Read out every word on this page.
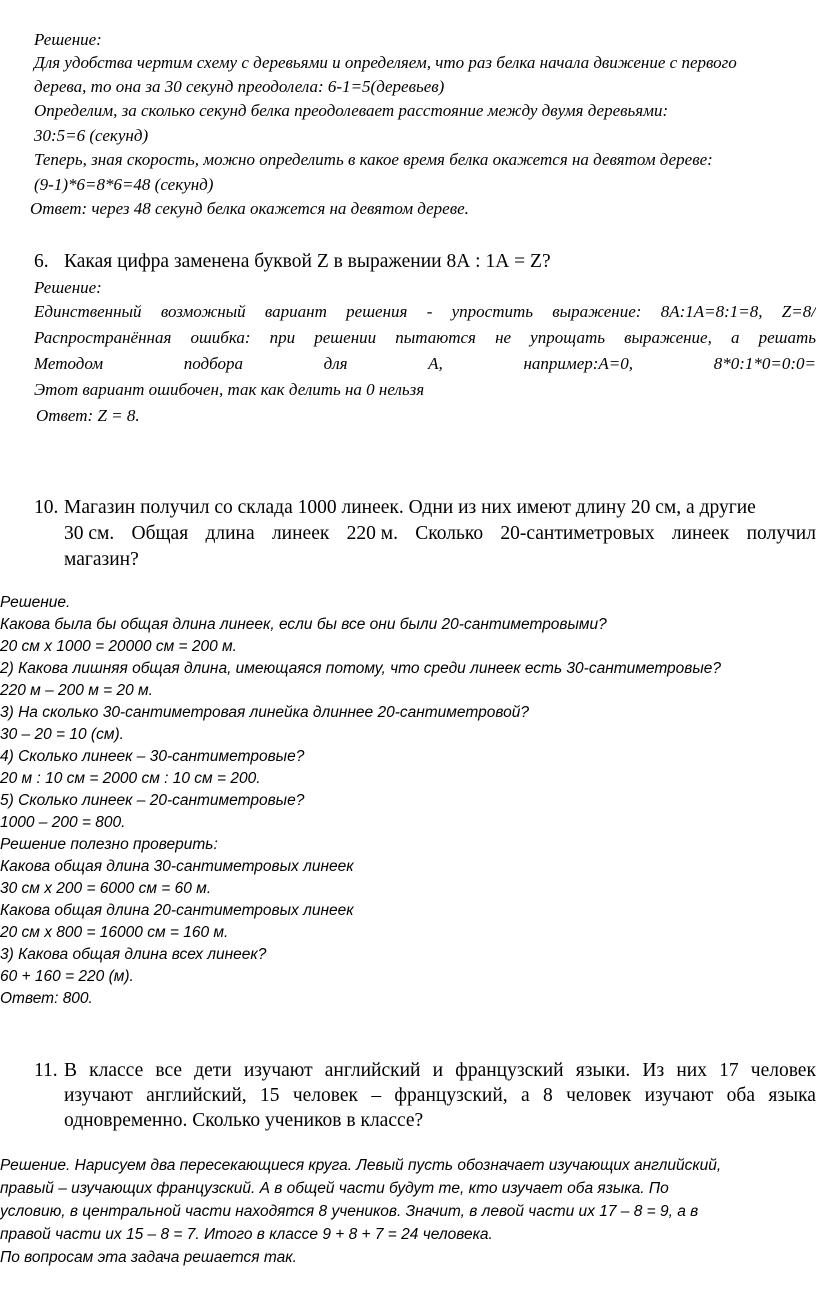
Решение:
Для удобства чертим схему с деревьями и определяем, что раз белка начала движение с первого
дерева, то она за 30 секунд преодолела: 6-1=5(деревьев)
Определим, за сколько секунд белка преодолевает расстояние между двумя деревьями:
30:5=6 (секунд)
Теперь, зная скорость, можно определить в какое время белка окажется на девятом дереве:
(9-1)*6=8*6=48 (секунд)
Ответ: через 48 секунд белка окажется на девятом дереве.
6. Какая цифра заменена буквой Z в выражении 8А : 1А = Z?
Решение:
Единственный возможный вариант решения - упростить выражение: 8А:1А=8:1=8, Z=8/
Распространённая ошибка: при решении пытаются не упрощать выражение, а решать
Методом	подбора	для	А,	например:А=0,	8*0:1*0=0:0=
Этот вариант ошибочен, так как делить на 0 нельзя
Ответ: Z = 8.
10. Магазин получил со склада 1000 линеек. Одни из них имеют длину 20 см, а другие
30 см. Общая длина линеек 220 м. Сколько 20-сантиметровых линеек получил
магазин?
Решение.
Какова была бы общая длина линеек, если бы все они были 20-сантиметровыми?
20 см х 1000 = 20000 см = 200 м.
2) Какова лишняя общая длина, имеющаяся потому, что среди линеек есть 30-сантиметровые?
220 м – 200 м = 20 м.
3) На сколько 30-сантиметровая линейка длиннее 20-сантиметровой?
30 – 20 = 10 (см).
4) Сколько линеек – 30-сантиметровые?
20 м : 10 см = 2000 см : 10 см = 200.
5) Сколько линеек – 20-сантиметровые?
1000 – 200 = 800.
Решение полезно проверить:
Какова общая длина 30-сантиметровых линеек
30 см х 200 = 6000 см = 60 м.
Какова общая длина 20-сантиметровых линеек
20 см х 800 = 16000 см = 160 м.
3) Какова общая длина всех линеек?
60 + 160 = 220 (м).
Ответ: 800.
11. В классе все дети изучают английский и французский языки. Из них 17 человек
изучают английский, 15 человек – французский, а 8 человек изучают оба языка
одновременно. Сколько учеников в классе?
Решение. Нарисуем два пересекающиеся круга. Левый пусть обозначает изучающих английский,
правый – изучающих французский. А в общей части будут те, кто изучает оба языка. По
условию, в центральной части находятся 8 учеников. Значит, в левой части их 17 – 8 = 9, а в
правой части их 15 – 8 = 7. Итого в классе 9 + 8 + 7 = 24 человека.
По вопросам эта задача решается так.
